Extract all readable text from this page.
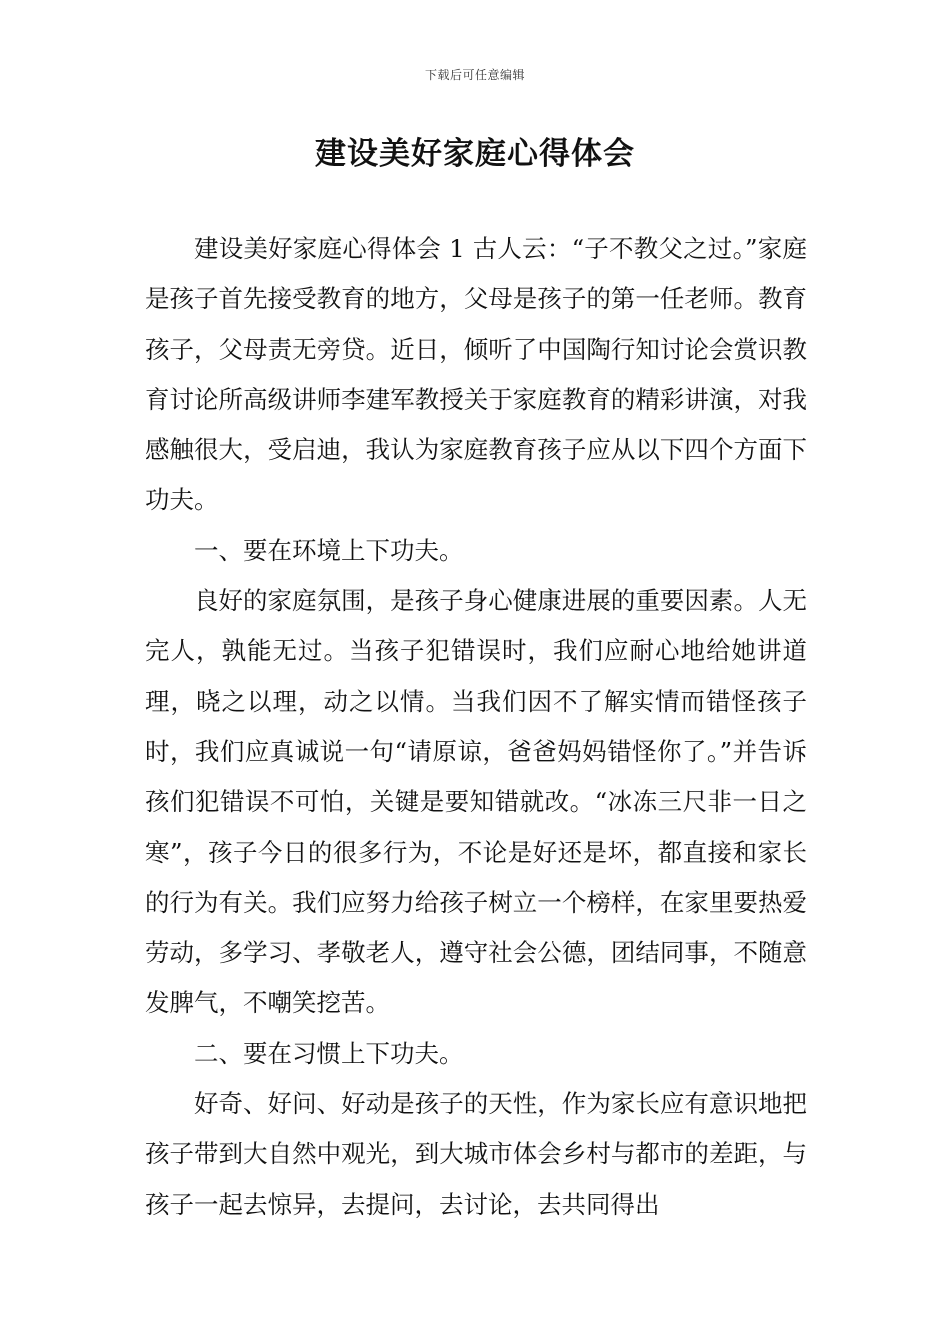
下载后可任意编辑
建设美好家庭心得体会

建设美好家庭心得体会 1 古人云：“子不教父之过。”家庭是孩子首先接受教育的地方，父母是孩子的第一任老师。教育孩子，父母责无旁贷。近日，倾听了中国陶行知讨论会赏识教育讨论所高级讲师李建军教授关于家庭教育的精彩讲演，对我感触很大，受启迪，我认为家庭教育孩子应从以下四个方面下功夫。

一、要在环境上下功夫。

良好的家庭氛围，是孩子身心健康进展的重要因素。人无完人，孰能无过。当孩子犯错误时，我们应耐心地给她讲道理，晓之以理，动之以情。当我们因不了解实情而错怪孩子时，我们应真诚说一句“请原谅，爸爸妈妈错怪你了。”并告诉孩们犯错误不可怕，关键是要知错就改。“冰冻三尺非一日之寒”，孩子今日的很多行为，不论是好还是坏，都直接和家长的行为有关。我们应努力给孩子树立一个榜样，在家里要热爱劳动，多学习、孝敬老人，遵守社会公德，团结同事，不随意发脾气，不嘲笑挖苦。

二、要在习惯上下功夫。

好奇、好问、好动是孩子的天性，作为家长应有意识地把孩子带到大自然中观光，到大城市体会乡村与都市的差距，与孩子一起去惊异，去提问，去讨论，去共同得出
